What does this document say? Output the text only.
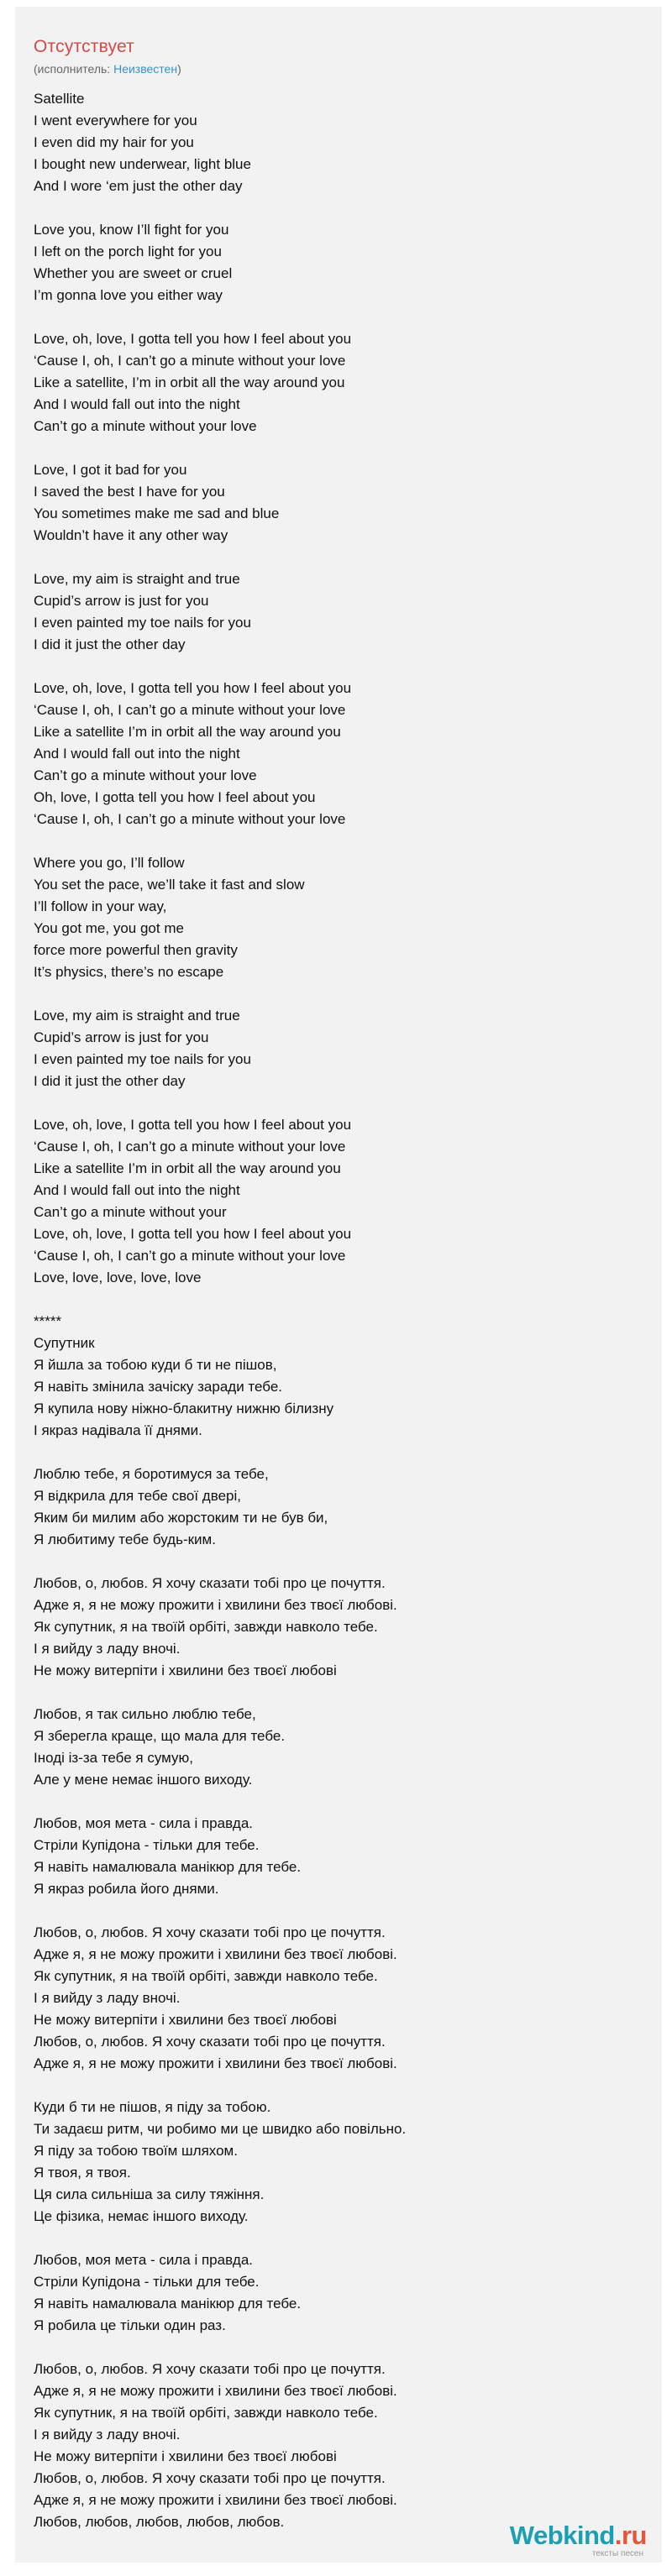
Отсутствует
(исполнитель: Неизвестен)
Satellite
I went everywhere for you
I even did my hair for you
I bought new underwear, light blue
And I wore ‘em just the other day
Love you, know I’ll fight for you
I left on the porch light for you
Whether you are sweet or cruel
I’m gonna love you either way
Love, oh, love, I gotta tell you how I feel about you
‘Cause I, oh, I can’t go a minute without your love
Like a satellite, I’m in orbit all the way around you
And I would fall out into the night
Can’t go a minute without your love
Love, I got it bad for you
I saved the best I have for you
You sometimes make me sad and blue
Wouldn’t have it any other way
Love, my aim is straight and true
Cupid’s arrow is just for you
I even painted my toe nails for you
I did it just the other day
Love, oh, love, I gotta tell you how I feel about you
‘Cause I, oh, I can’t go a minute without your love
Like a satellite I’m in orbit all the way around you
And I would fall out into the night
Can’t go a minute without your love
Oh, love, I gotta tell you how I feel about you
‘Cause I, oh, I can’t go a minute without your love
Where you go, I’ll follow
You set the pace, we’ll take it fast and slow
I’ll follow in your way,
You got me, you got me
force more powerful then gravity
It’s physics, there’s no escape
Love, my aim is straight and true
Cupid’s arrow is just for you
I even painted my toe nails for you
I did it just the other day
Love, oh, love, I gotta tell you how I feel about you
‘Cause I, oh, I can’t go a minute without your love
Like a satellite I’m in orbit all the way around you
And I would fall out into the night
Can’t go a minute without your
Love, oh, love, I gotta tell you how I feel about you
‘Cause I, oh, I can’t go a minute without your love
Love, love, love, love, love
*****
Супутник
Я йшла за тобою куди б ти не пішов,
Я навіть змінила зачіску заради тебе.
Я купила нову ніжно-блакитну нижню білизну
І якраз надівала її днями.
Люблю тебе, я боротимуся за тебе,
Я відкрила для тебе свої двері,
Яким би милим або жорстоким ти не був би,
Я любитиму тебе будь-ким.
Любов, о, любов. Я хочу сказати тобі про це почуття.
Адже я, я не можу прожити і хвилини без твоєї любові.
Як супутник, я на твоїй орбіті, завжди навколо тебе.
І я вийду з ладу вночі.
Не можу витерпіти і хвилини без твоєї любові
Любов, я так сильно люблю тебе,
Я зберегла краще, що мала для тебе.
Іноді із-за тебе я сумую,
Але у мене немає іншого виходу.
Любов, моя мета - сила і правда.
Стріли Купідона - тільки для тебе.
Я навіть намалювала манікюр для тебе.
Я якраз робила його днями.
Любов, о, любов. Я хочу сказати тобі про це почуття.
Адже я, я не можу прожити і хвилини без твоєї любові.
Як супутник, я на твоїй орбіті, завжди навколо тебе.
І я вийду з ладу вночі.
Не можу витерпіти і хвилини без твоєї любові
Любов, о, любов. Я хочу сказати тобі про це почуття.
Адже я, я не можу прожити і хвилини без твоєї любові.
Куди б ти не пішов, я піду за тобою.
Ти задаєш ритм, чи робимо ми це швидко або повільно.
Я піду за тобою твоїм шляхом.
Я твоя, я твоя.
Ця сила сильніша за силу тяжіння.
Це фізика, немає іншого виходу.
Любов, моя мета - сила і правда.
Стріли Купідона - тільки для тебе.
Я навіть намалювала манікюр для тебе.
Я робила це тільки один раз.
Любов, о, любов. Я хочу сказати тобі про це почуття.
Адже я, я не можу прожити і хвилини без твоєї любові.
Як супутник, я на твоїй орбіті, завжди навколо тебе.
І я вийду з ладу вночі.
Не можу витерпіти і хвилини без твоєї любові
Любов, о, любов. Я хочу сказати тобі про це почуття.
Адже я, я не можу прожити і хвилини без твоєї любові.
Любов, любов, любов, любов, любов.	Webkind.ru
тексты песен
